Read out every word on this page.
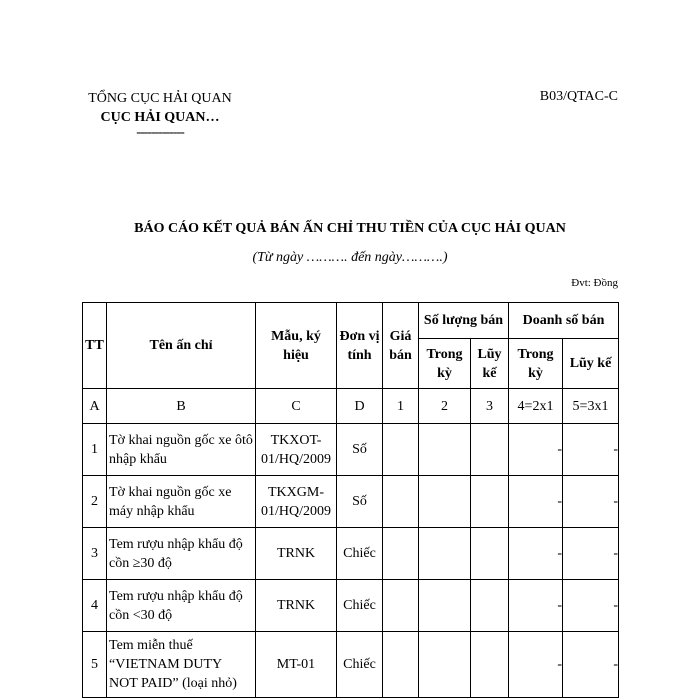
TỔNG CỤC HẢI QUAN
CỤC HẢI QUAN…
-------------
B03/QTAC-C
BÁO CÁO KẾT QUẢ BÁN ẤN CHỈ THU TIỀN CỦA CỤC HẢI QUAN
(Từ ngày ………. đến ngày……….)
Đvt: Đồng
TT	Tên ấn chỉ	Mẫu, ký hiệu	Đơn vị tính	Giá bán	Số lượng bán		Doanh số bán	
					Trong kỳ	Lũy kế	Trong kỳ	Lũy kế
A	B	C	D	1	2	3	4=2x1	5=3x1
1	Tờ khai nguồn gốc xe ôtô nhập khẩu	TKXOT-01/HQ/2009	Số				-	-
2	Tờ khai nguồn gốc xe máy nhập khẩu	TKXGM-01/HQ/2009	Số				-	-
3	Tem rượu nhập khẩu độ cồn ≥30 độ	TRNK	Chiếc				-	-
4	Tem rượu nhập khẩu độ cồn <30 độ	TRNK	Chiếc				-	-
5	Tem miễn thuế “VIETNAM DUTY NOT PAID” (loại nhỏ)	MT-01	Chiếc				-	-
